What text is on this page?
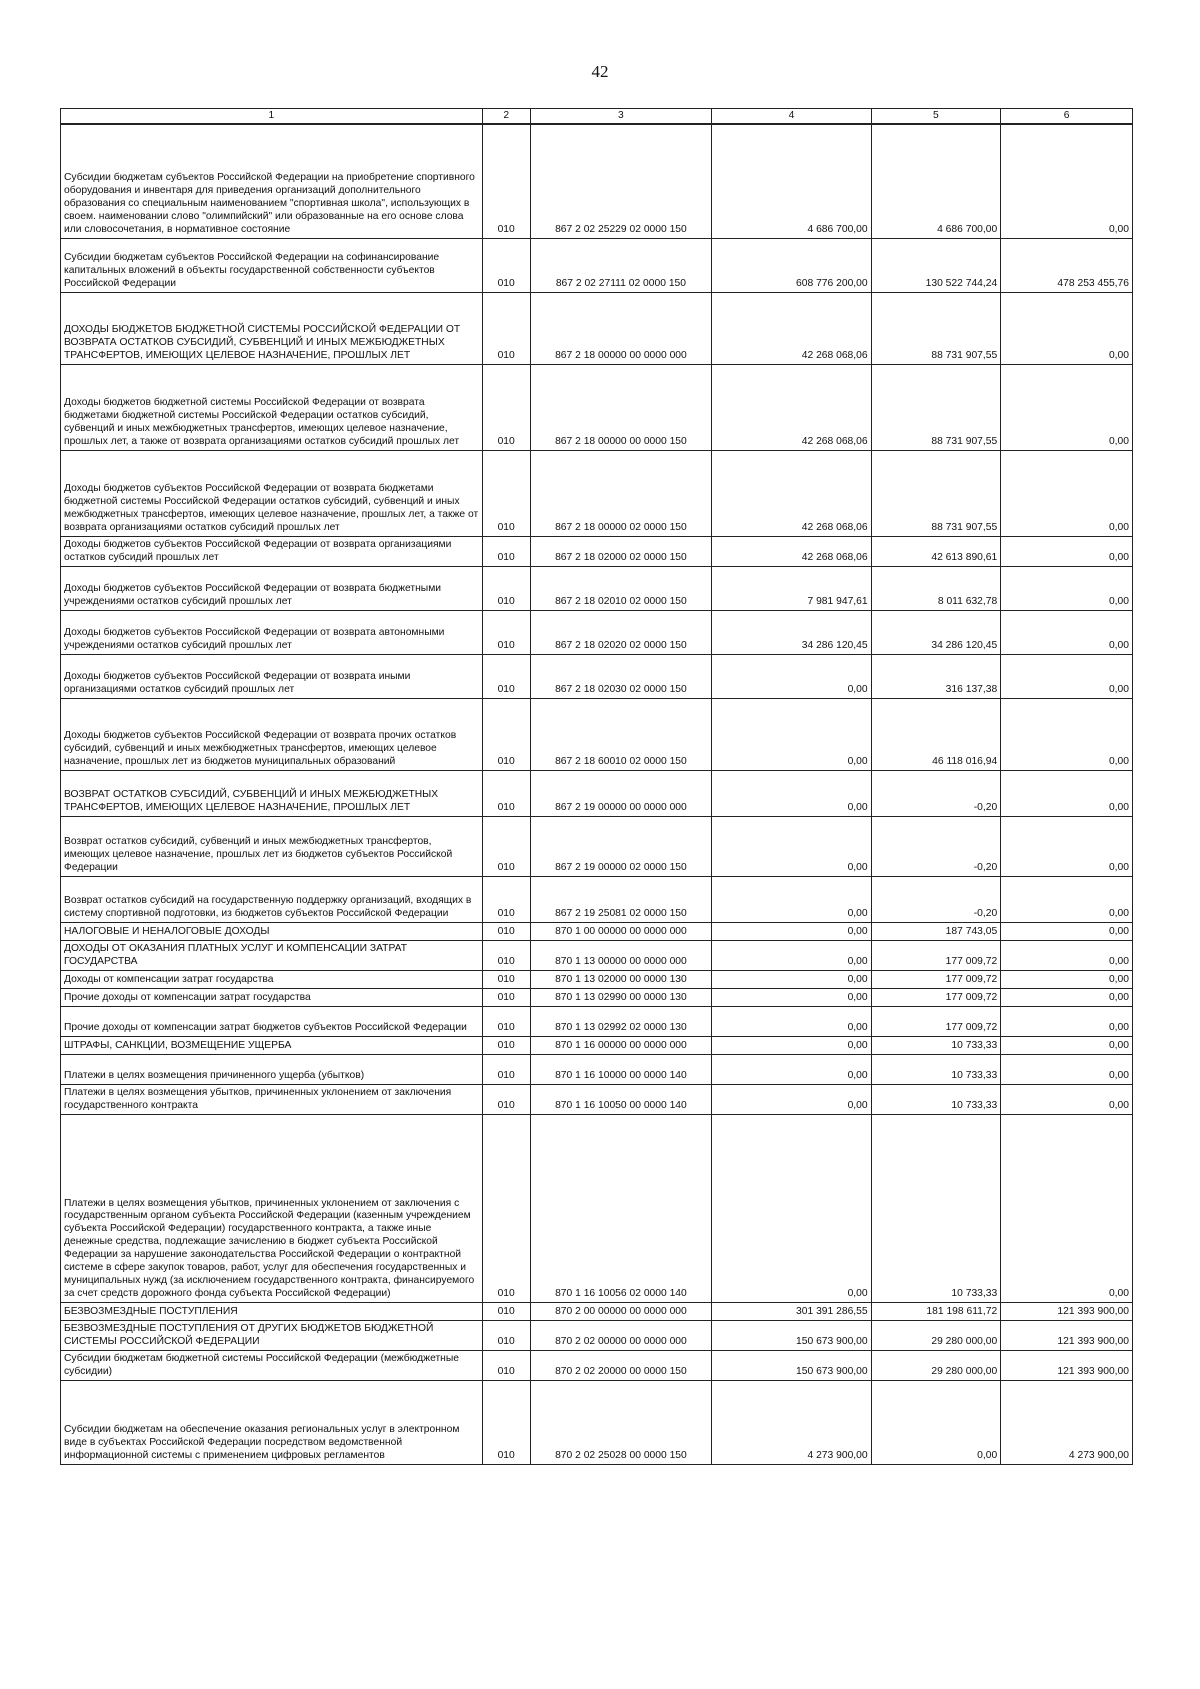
42
1	2	3	4	5	6
Субсидии бюджетам субъектов Российской Федерации на приобретение спортивного оборудования и инвентаря для приведения организаций дополнительного образования со специальным наименованием "спортивная школа", использующих в своем. наименовании слово "олимпийский" или образованные на его основе слова или словосочетания, в нормативное состояние	010	867 2 02 25229 02 0000 150	4 686 700,00	4 686 700,00	0,00
Субсидии бюджетам субъектов Российской Федерации на софинансирование капитальных вложений в объекты государственной собственности субъектов Российской Федерации	010	867 2 02 27111 02 0000 150	608 776 200,00	130 522 744,24	478 253 455,76
ДОХОДЫ БЮДЖЕТОВ БЮДЖЕТНОЙ СИСТЕМЫ РОССИЙСКОЙ ФЕДЕРАЦИИ ОТ ВОЗВРАТА ОСТАТКОВ СУБСИДИЙ, СУБВЕНЦИЙ И ИНЫХ МЕЖБЮДЖЕТНЫХ ТРАНСФЕРТОВ, ИМЕЮЩИХ ЦЕЛЕВОЕ НАЗНАЧЕНИЕ, ПРОШЛЫХ ЛЕТ	010	867 2 18 00000 00 0000 000	42 268 068,06	88 731 907,55	0,00
Доходы бюджетов бюджетной системы Российской Федерации от возврата бюджетами бюджетной системы Российской Федерации остатков субсидий, субвенций и иных межбюджетных трансфертов, имеющих целевое назначение, прошлых лет, а также от возврата организациями остатков субсидий прошлых лет	010	867 2 18 00000 00 0000 150	42 268 068,06	88 731 907,55	0,00
Доходы бюджетов субъектов Российской Федерации от возврата бюджетами бюджетной системы Российской Федерации остатков субсидий, субвенций и иных межбюджетных трансфертов, имеющих целевое назначение, прошлых лет, а также от возврата организациями остатков субсидий прошлых лет	010	867 2 18 00000 02 0000 150	42 268 068,06	88 731 907,55	0,00
Доходы бюджетов субъектов Российской Федерации от возврата организациями остатков субсидий прошлых лет	010	867 2 18 02000 02 0000 150	42 268 068,06	42 613 890,61	0,00
Доходы бюджетов субъектов Российской Федерации от возврата бюджетными учреждениями остатков субсидий прошлых лет	010	867 2 18 02010 02 0000 150	7 981 947,61	8 011 632,78	0,00
Доходы бюджетов субъектов Российской Федерации от возврата автономными учреждениями остатков субсидий прошлых лет	010	867 2 18 02020 02 0000 150	34 286 120,45	34 286 120,45	0,00
Доходы бюджетов субъектов Российской Федерации от возврата иными организациями остатков субсидий прошлых лет	010	867 2 18 02030 02 0000 150	0,00	316 137,38	0,00
Доходы бюджетов субъектов Российской Федерации от возврата прочих остатков субсидий, субвенций и иных межбюджетных трансфертов, имеющих целевое назначение, прошлых лет из бюджетов муниципальных образований	010	867 2 18 60010 02 0000 150	0,00	46 118 016,94	0,00
ВОЗВРАТ ОСТАТКОВ СУБСИДИЙ, СУБВЕНЦИЙ И ИНЫХ МЕЖБЮДЖЕТНЫХ ТРАНСФЕРТОВ, ИМЕЮЩИХ ЦЕЛЕВОЕ НАЗНАЧЕНИЕ, ПРОШЛЫХ ЛЕТ	010	867 2 19 00000 00 0000 000	0,00	-0,20	0,00
Возврат остатков субсидий, субвенций и иных межбюджетных трансфертов, имеющих целевое назначение, прошлых лет из бюджетов субъектов Российской Федерации	010	867 2 19 00000 02 0000 150	0,00	-0,20	0,00
Возврат остатков субсидий на государственную поддержку организаций, входящих в систему спортивной подготовки, из бюджетов субъектов Российской Федерации	010	867 2 19 25081 02 0000 150	0,00	-0,20	0,00
НАЛОГОВЫЕ И НЕНАЛОГОВЫЕ ДОХОДЫ	010	870 1 00 00000 00 0000 000	0,00	187 743,05	0,00
ДОХОДЫ ОТ ОКАЗАНИЯ ПЛАТНЫХ УСЛУГ И КОМПЕНСАЦИИ ЗАТРАТ ГОСУДАРСТВА	010	870 1 13 00000 00 0000 000	0,00	177 009,72	0,00
Доходы от компенсации затрат государства	010	870 1 13 02000 00 0000 130	0,00	177 009,72	0,00
Прочие доходы от компенсации затрат государства	010	870 1 13 02990 00 0000 130	0,00	177 009,72	0,00
Прочие доходы от компенсации затрат бюджетов субъектов Российской Федерации	010	870 1 13 02992 02 0000 130	0,00	177 009,72	0,00
ШТРАФЫ, САНКЦИИ, ВОЗМЕЩЕНИЕ УЩЕРБА	010	870 1 16 00000 00 0000 000	0,00	10 733,33	0,00
Платежи в целях возмещения причиненного ущерба (убытков)	010	870 1 16 10000 00 0000 140	0,00	10 733,33	0,00
Платежи в целях возмещения убытков, причиненных уклонением от заключения государственного контракта	010	870 1 16 10050 00 0000 140	0,00	10 733,33	0,00
Платежи в целях возмещения убытков, причиненных уклонением от заключения с государственным органом субъекта Российской Федерации (казенным учреждением субъекта Российской Федерации) государственного контракта, а также иные денежные средства, подлежащие зачислению в бюджет субъекта Российской Федерации за нарушение законодательства Российской Федерации о контрактной системе в сфере закупок товаров, работ, услуг для обеспечения государственных и муниципальных нужд (за исключением государственного контракта, финансируемого за счет средств дорожного фонда субъекта Российской Федерации)	010	870 1 16 10056 02 0000 140	0,00	10 733,33	0,00
БЕЗВОЗМЕЗДНЫЕ ПОСТУПЛЕНИЯ	010	870 2 00 00000 00 0000 000	301 391 286,55	181 198 611,72	121 393 900,00
БЕЗВОЗМЕЗДНЫЕ ПОСТУПЛЕНИЯ ОТ ДРУГИХ БЮДЖЕТОВ БЮДЖЕТНОЙ СИСТЕМЫ РОССИЙСКОЙ ФЕДЕРАЦИИ	010	870 2 02 00000 00 0000 000	150 673 900,00	29 280 000,00	121 393 900,00
Субсидии бюджетам бюджетной системы Российской Федерации (межбюджетные субсидии)	010	870 2 02 20000 00 0000 150	150 673 900,00	29 280 000,00	121 393 900,00
Субсидии бюджетам на обеспечение оказания региональных услуг в электронном виде в субъектах Российской Федерации посредством ведомственной информационной системы с применением цифровых регламентов	010	870 2 02 25028 00 0000 150	4 273 900,00	0,00	4 273 900,00
